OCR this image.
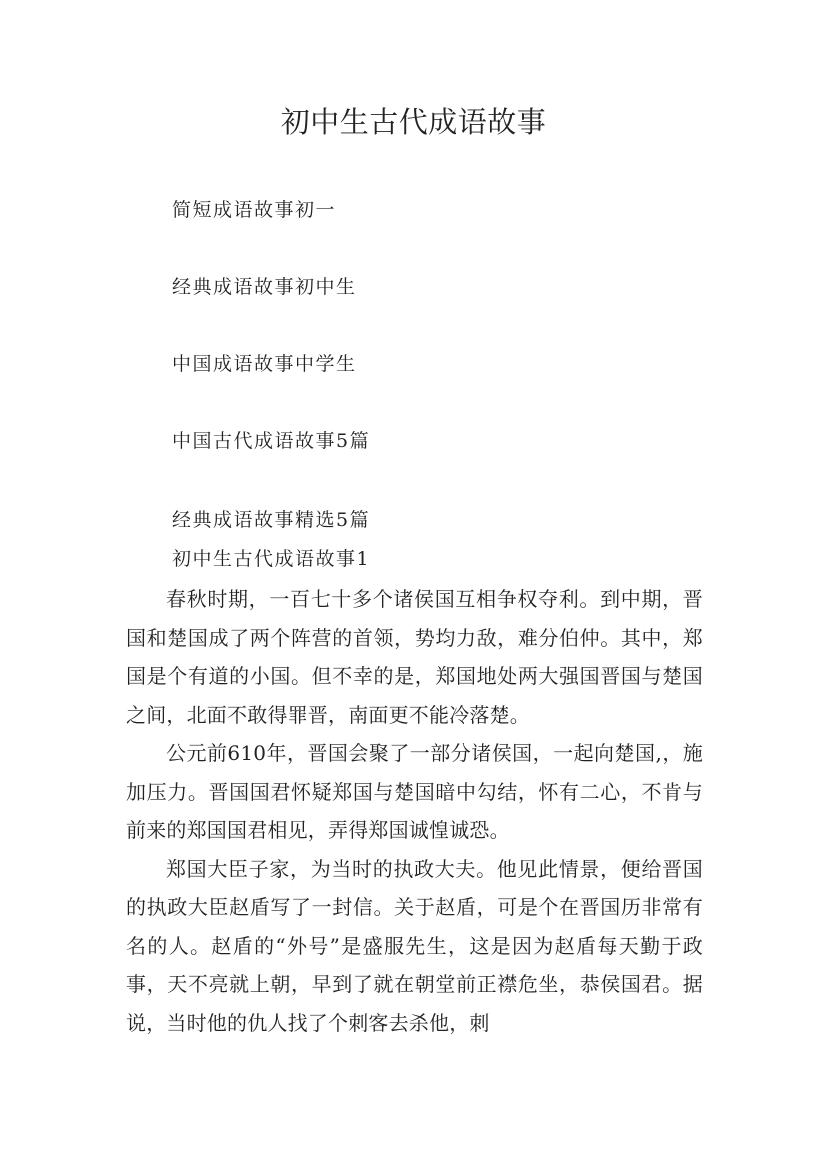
初中生古代成语故事
简短成语故事初一
经典成语故事初中生
中国成语故事中学生
中国古代成语故事5篇
经典成语故事精选5篇
初中生古代成语故事1

春秋时期，一百七十多个诸侯国互相争权夺利。到中期，晋国和楚国成了两个阵营的首领，势均力敌，难分伯仲。其中，郑国是个有道的小国。但不幸的是，郑国地处两大强国晋国与楚国之间，北面不敢得罪晋，南面更不能冷落楚。

公元前610年，晋国会聚了一部分诸侯国，一起向楚国,，施加压力。晋国国君怀疑郑国与楚国暗中勾结，怀有二心，不肯与前来的郑国国君相见，弄得郑国诚惶诚恐。

郑国大臣子家，为当时的执政大夫。他见此情景，便给晋国的执政大臣赵盾写了一封信。关于赵盾，可是个在晋国历非常有名的人。赵盾的“外号”是盛服先生，这是因为赵盾每天勤于政事，天不亮就上朝，早到了就在朝堂前正襟危坐，恭侯国君。据说，当时他的仇人找了个刺客去杀他，刺
